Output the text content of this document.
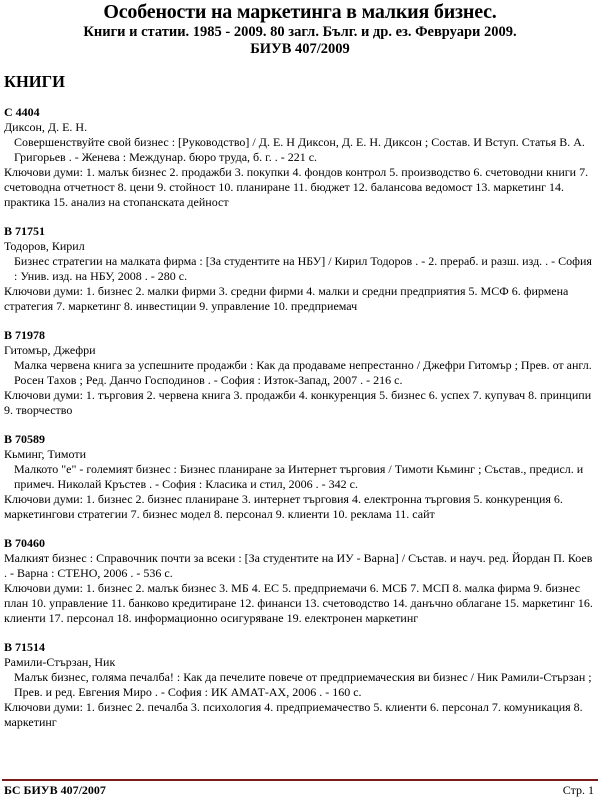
Особености на маркетинга в малкия бизнес.
Книги и статии. 1985 - 2009. 80 загл. Бълг. и др. ез. Февруари 2009.
БИУВ 407/2009
КНИГИ

С 4404

Диксон, Д. Е. Н.

Совершенствуйте свой бизнес : [Руководство] / Д. Е. Н Диксон, Д. Е. Н. Диксон ; Состав. И Вступ. Статья В. А. Григорьев . - Женева : Междунар. бюро труда, б. г. . - 221 с.

Ключови думи: 1. малък бизнес 2. продажби 3. покупки 4. фондов контрол 5. производство 6. счетоводни книги 7. счетоводна отчетност 8. цени 9. стойност 10. планиране 11. бюджет 12. балансова ведомост 13. маркетинг 14. практика 15. анализ на стопанската дейност

В 71751

Тодоров, Кирил

Бизнес стратегии на малката фирма : [За студентите на НБУ] / Кирил Тодоров . - 2. прераб. и разш. изд. . - София : Унив. изд. на НБУ, 2008 . - 280 с.

Ключови думи: 1. бизнес 2. малки фирми 3. средни фирми 4. малки и средни предприятия 5. МСФ 6. фирмена стратегия 7. маркетинг 8. инвестиции 9. управление 10. предприемач

В 71978

Гитомър, Джефри

Малка червена книга за успешните продажби : Как да продаваме непрестанно / Джефри Гитомър ; Прев. от англ. Росен Тахов ; Ред. Данчо Господинов . - София : Изток-Запад, 2007 . - 216 с.

Ключови думи: 1. търговия 2. червена книга 3. продажби 4. конкуренция 5. бизнес 6. успех 7. купувач 8. принципи 9. творчество

В 70589

Кьминг, Тимоти

Малкото "е" - големият бизнес : Бизнес планиране за Интернет търговия / Тимоти Кьминг ; Състав., предисл. и примеч. Николай Кръстев . - София : Класика и стил, 2006 . - 342 с.

Ключови думи: 1. бизнес 2. бизнес планиране 3. интернет търговия 4. електронна търговия 5. конкуренция 6. маркетингови стратегии 7. бизнес модел 8. персонал 9. клиенти 10. реклама 11. сайт

В 70460

Малкият бизнес : Справочник почти за всеки : [За студентите на ИУ - Варна] / Състав. и науч. ред. Йордан П. Коев . - Варна : СТЕНО, 2006 . - 536 с.

Ключови думи: 1. бизнес 2. малък бизнес 3. МБ 4. ЕС 5. предприемачи 6. МСБ 7. МСП 8. малка фирма 9. бизнес план 10. управление 11. банково кредитиране 12. финанси 13. счетоводство 14. данъчно облагане 15. маркетинг 16. клиенти 17. персонал 18. информационно осигуряване 19. електронен маркетинг

В 71514

Рамили-Стързан, Ник

Малък бизнес, голяма печалба! : Как да печелите повече от предприемаческия ви бизнес / Ник Рамили-Стързан ; Прев. и ред. Евгения Миро . - София : ИК АМАТ-АХ, 2006 . - 160 с.

Ключови думи: 1. бизнес 2. печалба 3. психология 4. предприемачество 5. клиенти 6. персонал 7. комуникация 8. маркетинг

БС БИУВ 407/2007	Стр. 1
